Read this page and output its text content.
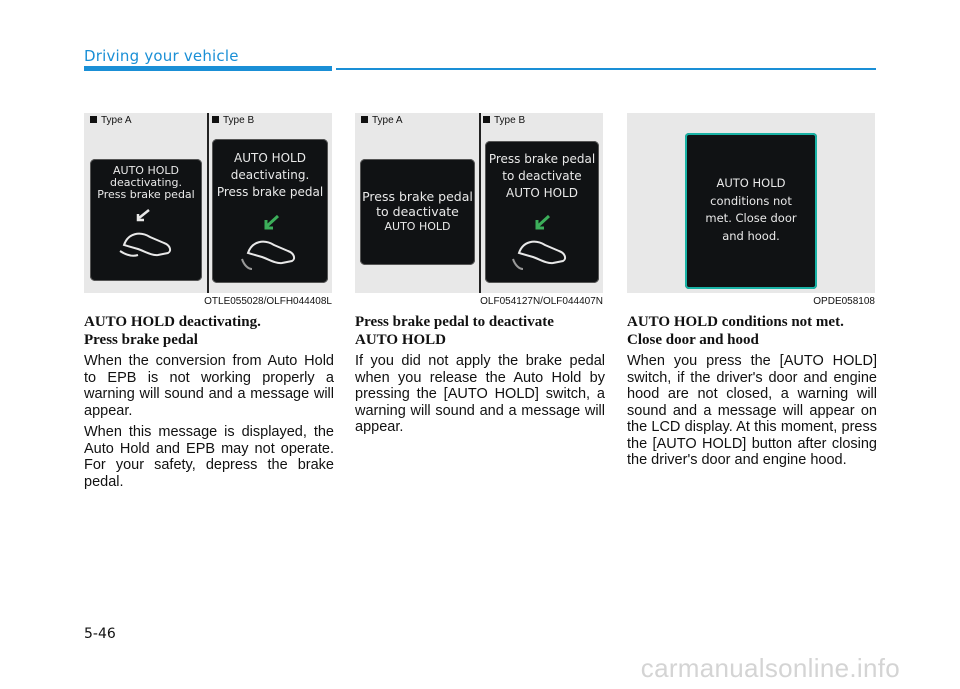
Driving your vehicle
Type A	Type B
AUTO HOLD
deactivating.
Press brake pedal
AUTO HOLD
deactivating.
Press brake pedal
OTLE055028/OLFH044408L
Type A	Type B
Press brake pedal
to deactivate
AUTO HOLD
Press brake pedal
to deactivate
AUTO HOLD
OLF054127N/OLF044407N
AUTO HOLD
conditions not
met. Close door
and hood.
OPDE058108
AUTO HOLD deactivating.
Press brake pedal

When the conversion from Auto Hold to EPB is not working properly a warning will sound and a message will appear.

When this message is displayed, the Auto Hold and EPB may not operate. For your safety, depress the brake pedal.

Press brake pedal to deactivate
AUTO HOLD

If you did not apply the brake pedal when you release the Auto Hold by pressing the [AUTO HOLD] switch, a warning will sound and a message will appear.

AUTO HOLD conditions not met.
Close door and hood

When you press the [AUTO HOLD] switch, if the driver's door and engine hood are not closed, a warning will sound and a message will appear on the LCD display. At this moment, press the [AUTO HOLD] button after closing the driver's door and engine hood.

5-46
carmanualsonline.info
